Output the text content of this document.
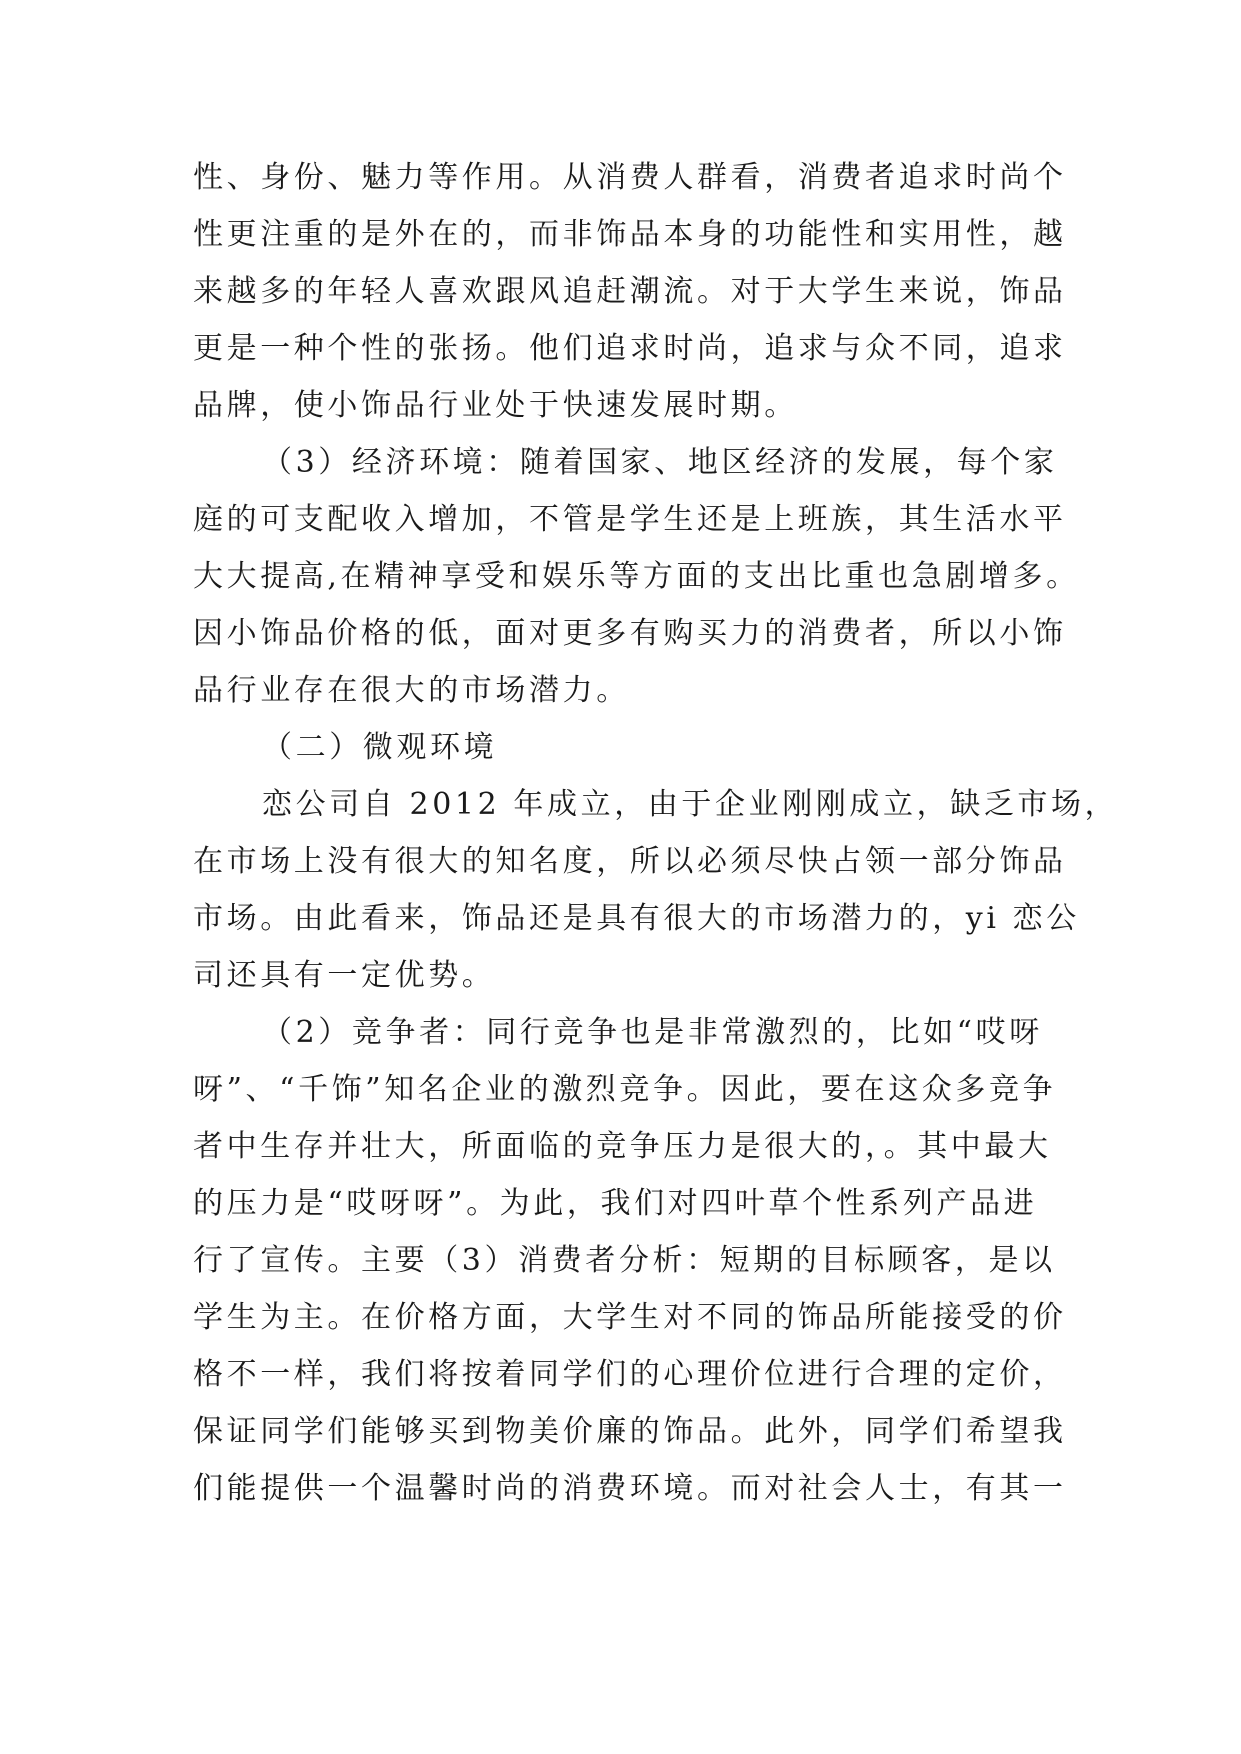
性、身份、魅力等作用。从消费人群看，消费者追求时尚个
性更注重的是外在的，而非饰品本身的功能性和实用性，越
来越多的年轻人喜欢跟风追赶潮流。对于大学生来说，饰品
更是一种个性的张扬。他们追求时尚，追求与众不同，追求
品牌，使小饰品行业处于快速发展时期。
（3）经济环境：随着国家、地区经济的发展，每个家
庭的可支配收入增加，不管是学生还是上班族，其生活水平
大大提高,在精神享受和娱乐等方面的支出比重也急剧增多。
因小饰品价格的低，面对更多有购买力的消费者，所以小饰
品行业存在很大的市场潜力。
（二）微观环境
恋公司自 2012 年成立，由于企业刚刚成立，缺乏市场，
在市场上没有很大的知名度，所以必须尽快占领一部分饰品
市场。由此看来，饰品还是具有很大的市场潜力的，yi 恋公
司还具有一定优势。
（2）竞争者：同行竞争也是非常激烈的，比如“哎呀
呀”、“千饰”知名企业的激烈竞争。因此，要在这众多竞争
者中生存并壮大，所面临的竞争压力是很大的，。其中最大
的压力是“哎呀呀”。为此，我们对四叶草个性系列产品进
行了宣传。主要（3）消费者分析：短期的目标顾客，是以
学生为主。在价格方面，大学生对不同的饰品所能接受的价
格不一样，我们将按着同学们的心理价位进行合理的定价，
保证同学们能够买到物美价廉的饰品。此外，同学们希望我
们能提供一个温馨时尚的消费环境。而对社会人士，有其一
